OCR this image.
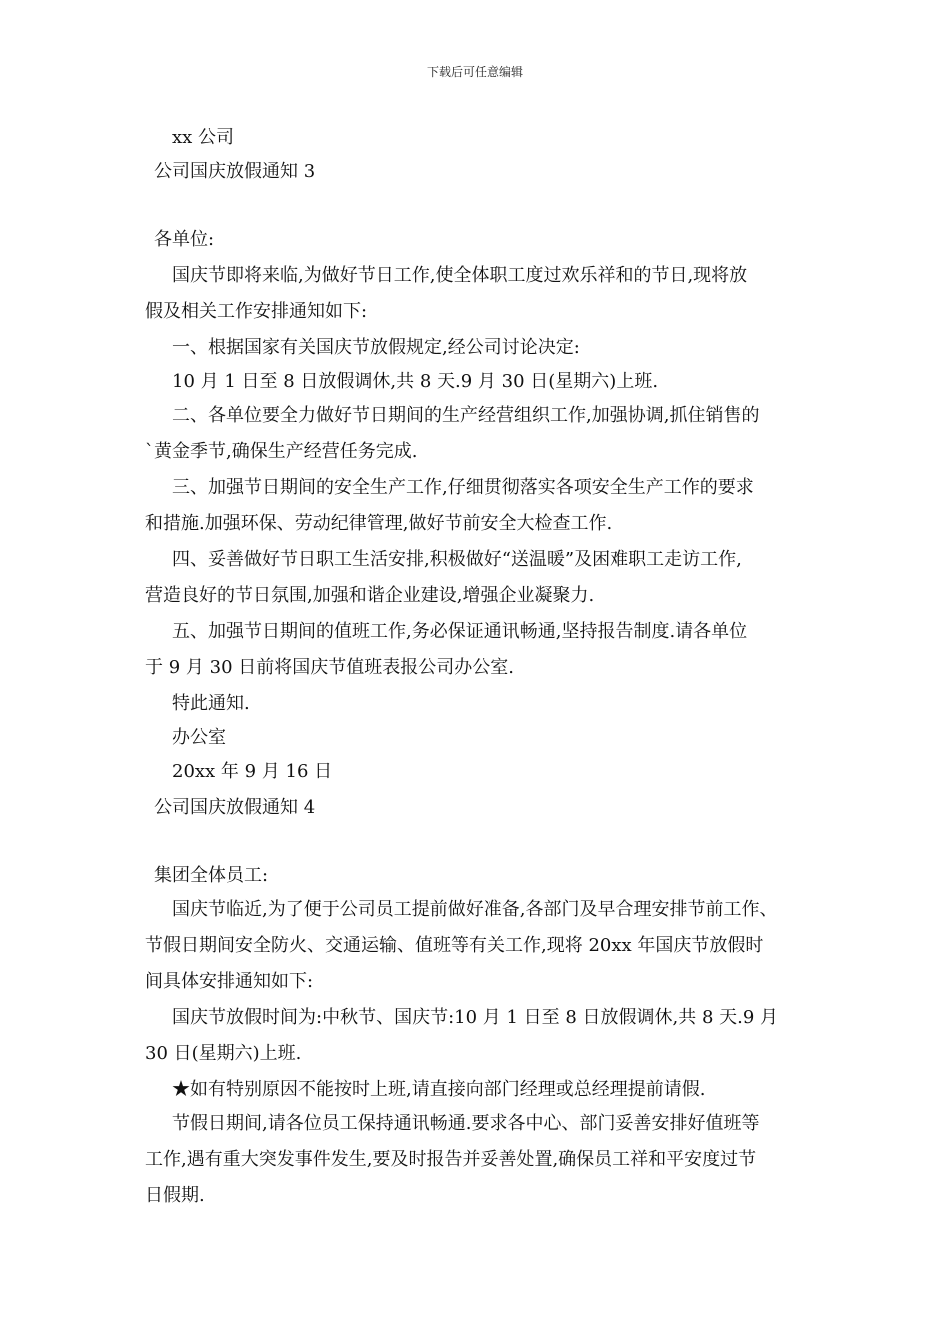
下载后可任意编辑
xx 公司
公司国庆放假通知 3
各单位:
国庆节即将来临,为做好节日工作,使全体职工度过欢乐祥和的节日,现将放
假及相关工作安排通知如下:
一、根据国家有关国庆节放假规定,经公司讨论决定:
10 月 1 日至 8 日放假调休,共 8 天.9 月 30 日(星期六)上班.
二、各单位要全力做好节日期间的生产经营组织工作,加强协调,抓住销售的
`黄金季节,确保生产经营任务完成.
三、加强节日期间的安全生产工作,仔细贯彻落实各项安全生产工作的要求
和措施.加强环保、劳动纪律管理,做好节前安全大检查工作.
四、妥善做好节日职工生活安排,积极做好“送温暖”及困难职工走访工作,
营造良好的节日氛围,加强和谐企业建设,增强企业凝聚力.
五、加强节日期间的值班工作,务必保证通讯畅通,坚持报告制度.请各单位
于 9 月 30 日前将国庆节值班表报公司办公室.
特此通知.
办公室
20xx 年 9 月 16 日
公司国庆放假通知 4
集团全体员工:
国庆节临近,为了便于公司员工提前做好准备,各部门及早合理安排节前工作、
节假日期间安全防火、交通运输、值班等有关工作,现将 20xx 年国庆节放假时
间具体安排通知如下:
国庆节放假时间为:中秋节、国庆节:10 月 1 日至 8 日放假调休,共 8 天.9 月
30 日(星期六)上班.
★如有特别原因不能按时上班,请直接向部门经理或总经理提前请假.
节假日期间,请各位员工保持通讯畅通.要求各中心、部门妥善安排好值班等
工作,遇有重大突发事件发生,要及时报告并妥善处置,确保员工祥和平安度过节
日假期.
